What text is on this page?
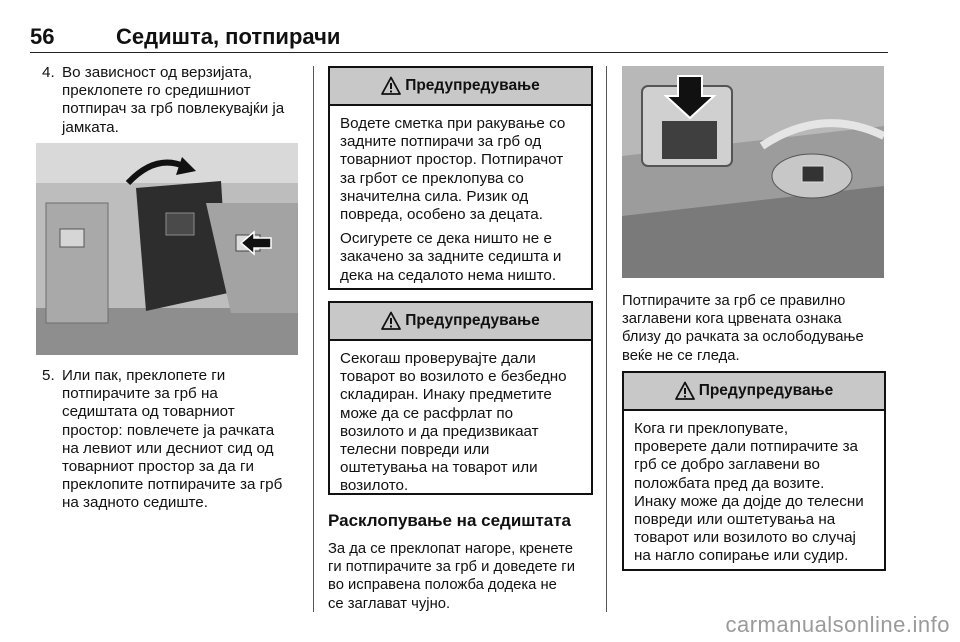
56	Седишта, потпирачи
4. Во зависност од верзијата,
преклопете го средишниот
потпирач за грб повлекувајќи ја
јамката.
5. Или пак, преклопете ги
потпирачите за грб на
седиштата од товарниот
простор: повлечете ја рачката
на левиот или десниот сид од
товарниот простор за да ги
преклопите потпирачите за грб
на задното седиште.
Предупредување

Водете сметка при ракување со
задните потпирачи за грб од
товарниот простор. Потпирачот
за грбот се преклопува со
значителна сила. Ризик од
повреда, особено за децата.

Осигурете се дека ништо не е
закачено за задните седишта и
дека на седалото нема ништо.

Предупредување

Секогаш проверувајте дали
товарот во возилото е безбедно
складиран. Инаку предметите
може да се расфрлат по
возилото и да предизвикаат
телесни повреди или
оштетувања на товарот или
возилото.

Расклопување на седиштата
За да се преклопат нагоре, кренете
ги потпирачите за грб и доведете ги
во исправена положба додека не
се заглават чујно.
Потпирачите за грб се правилно
заглавени кога црвената ознака
близу до рачката за ослободување
веќе не се гледа.
Предупредување

Кога ги преклопувате,
проверете дали потпирачите за
грб се добро заглавени во
положбата пред да возите.
Инаку може да дојде до телесни
повреди или оштетувања на
товарот или возилото во случај
на нагло сопирање или судир.

carmanualsonline.info
